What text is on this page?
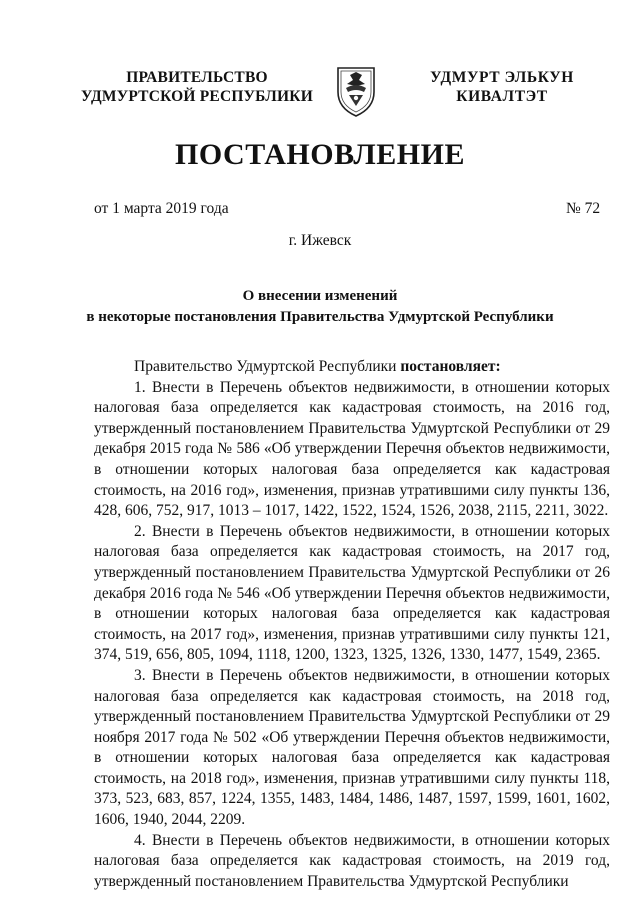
ПРАВИТЕЛЬСТВО
УДМУРТСКОЙ РЕСПУБЛИКИ
УДМУРТ ЭЛЬКУН
КИВАЛТЭТ
ПОСТАНОВЛЕНИЕ
от 1 марта 2019 года	№ 72
г. Ижевск
О внесении изменений
в некоторые постановления Правительства Удмуртской Республики

Правительство Удмуртской Республики постановляет:

1. Внести в Перечень объектов недвижимости, в отношении которых налоговая база определяется как кадастровая стоимость, на 2016 год, утвержденный постановлением Правительства Удмуртской Республики от 29 декабря 2015 года № 586 «Об утверждении Перечня объектов недвижимости, в отношении которых налоговая база определяется как кадастровая стоимость, на 2016 год», изменения, признав утратившими силу пункты 136, 428, 606, 752, 917, 1013 – 1017, 1422, 1522, 1524, 1526, 2038, 2115, 2211, 3022.

2. Внести в Перечень объектов недвижимости, в отношении которых налоговая база определяется как кадастровая стоимость, на 2017 год, утвержденный постановлением Правительства Удмуртской Республики от 26 декабря 2016 года № 546 «Об утверждении Перечня объектов недвижимости, в отношении которых налоговая база определяется как кадастровая стоимость, на 2017 год», изменения, признав утратившими силу пункты 121, 374, 519, 656, 805, 1094, 1118, 1200, 1323, 1325, 1326, 1330, 1477, 1549, 2365.

3. Внести в Перечень объектов недвижимости, в отношении которых налоговая база определяется как кадастровая стоимость, на 2018 год, утвержденный постановлением Правительства Удмуртской Республики от 29 ноября 2017 года № 502 «Об утверждении Перечня объектов недвижимости, в отношении которых налоговая база определяется как кадастровая стоимость, на 2018 год», изменения, признав утратившими силу пункты 118, 373, 523, 683, 857, 1224, 1355, 1483, 1484, 1486, 1487, 1597, 1599, 1601, 1602, 1606, 1940, 2044, 2209.

4. Внести в Перечень объектов недвижимости, в отношении которых налоговая база определяется как кадастровая стоимость, на 2019 год, утвержденный постановлением Правительства Удмуртской Республики
